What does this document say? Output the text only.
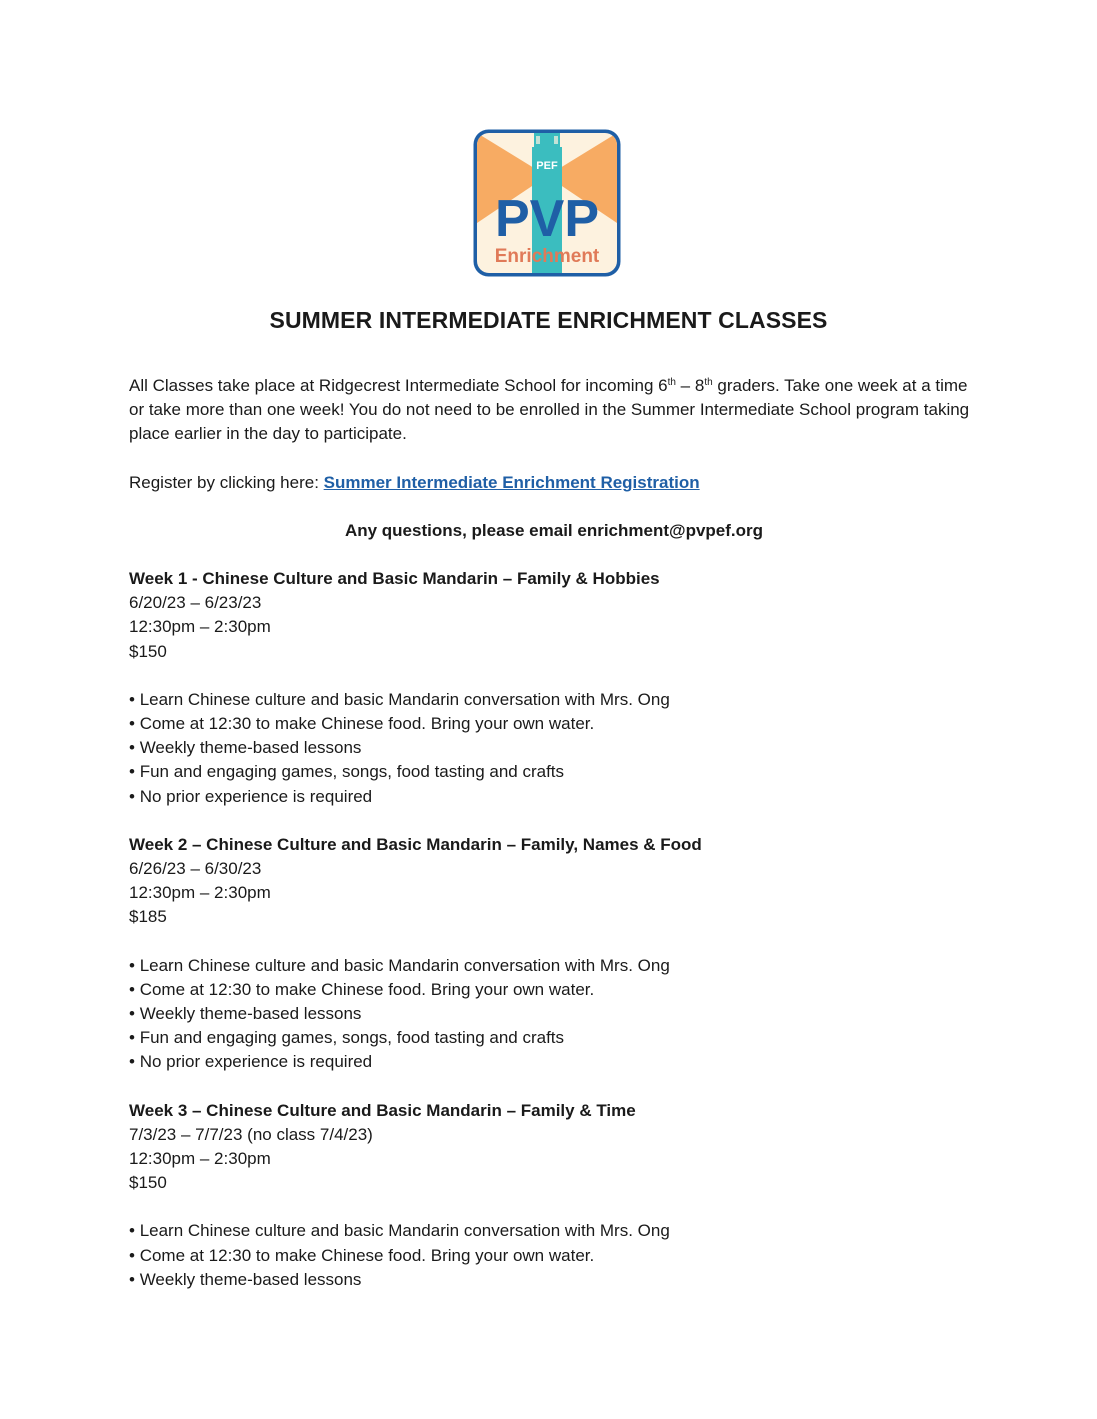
PEF
PVP
Enrichment
SUMMER INTERMEDIATE ENRICHMENT CLASSES

All Classes take place at Ridgecrest Intermediate School for incoming 6th – 8th graders. Take one week at a time or take more than one week! You do not need to be enrolled in the Summer Intermediate School program taking place earlier in the day to participate.

Register by clicking here: Summer Intermediate Enrichment Registration

Any questions, please email enrichment@pvpef.org

Week 1 - Chinese Culture and Basic Mandarin – Family & Hobbies

6/20/23 – 6/23/23

12:30pm – 2:30pm

$150

• Learn Chinese culture and basic Mandarin conversation with Mrs. Ong
• Come at 12:30 to make Chinese food. Bring your own water.
• Weekly theme-based lessons
• Fun and engaging games, songs, food tasting and crafts
• No prior experience is required

Week 2 – Chinese Culture and Basic Mandarin – Family, Names & Food

6/26/23 – 6/30/23

12:30pm – 2:30pm

$185

• Learn Chinese culture and basic Mandarin conversation with Mrs. Ong
• Come at 12:30 to make Chinese food. Bring your own water.
• Weekly theme-based lessons
• Fun and engaging games, songs, food tasting and crafts
• No prior experience is required

Week 3 – Chinese Culture and Basic Mandarin – Family & Time

7/3/23 – 7/7/23 (no class 7/4/23)

12:30pm – 2:30pm

$150

• Learn Chinese culture and basic Mandarin conversation with Mrs. Ong
• Come at 12:30 to make Chinese food. Bring your own water.
• Weekly theme-based lessons
